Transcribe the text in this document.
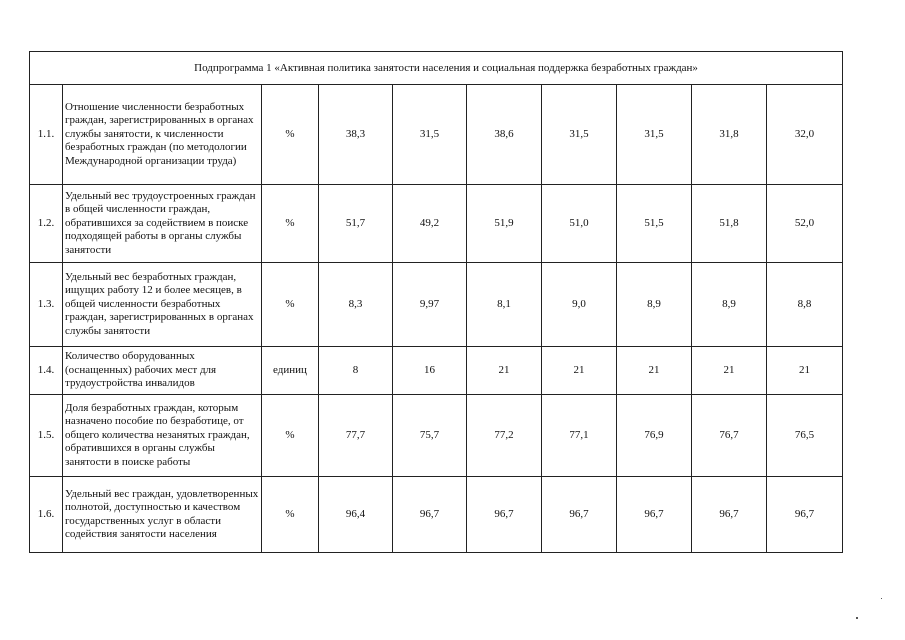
Подпрограмма 1 «Активная политика занятости населения и социальная поддержка безработных граждан»									
1.1.	Отношение численности безработных граждан, зарегистрированных в органах службы занятости, к численности безработных граждан (по методологии Международной организации труда)	%	38,3	31,5	38,6	31,5	31,5	31,8	32,0
1.2.	Удельный вес трудоустроенных граждан в общей численности граждан, обратившихся за содействием в поиске подходящей работы в органы службы занятости	%	51,7	49,2	51,9	51,0	51,5	51,8	52,0
1.3.	Удельный вес безработных граждан, ищущих работу 12 и более месяцев, в общей численности безработных граждан, зарегистрированных в органах службы занятости	%	8,3	9,97	8,1	9,0	8,9	8,9	8,8
1.4.	Количество оборудованных (оснащенных) рабочих мест для трудоустройства инвалидов	единиц	8	16	21	21	21	21	21
1.5.	Доля безработных граждан, которым назначено пособие по безработице, от общего количества незанятых граждан, обратившихся в органы службы занятости в поиске работы	%	77,7	75,7	77,2	77,1	76,9	76,7	76,5
1.6.	Удельный вес граждан, удовлетворенных полнотой, доступностью и качеством государственных услуг в области содействия занятости населения	%	96,4	96,7	96,7	96,7	96,7	96,7	96,7
